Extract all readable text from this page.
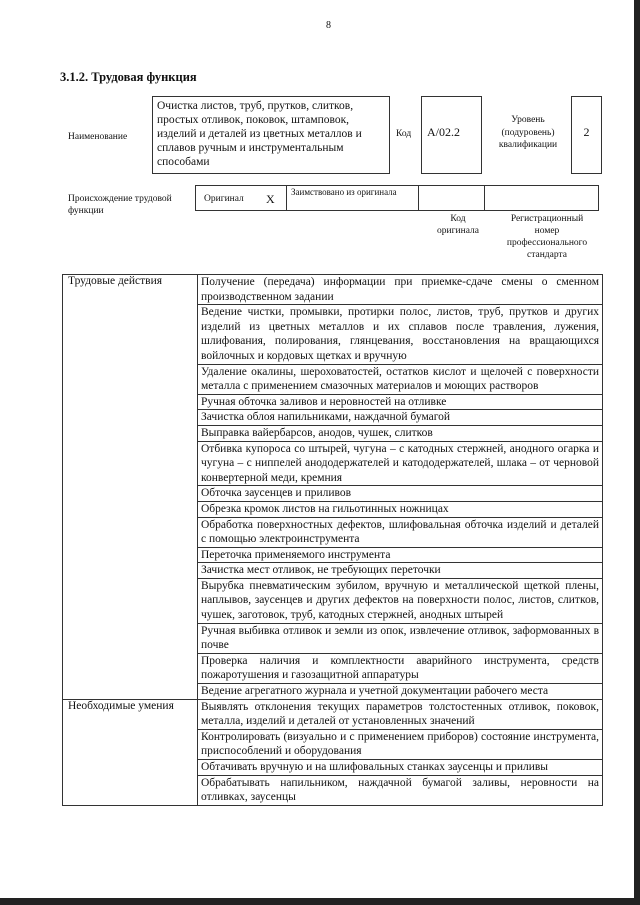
8
3.1.2. Трудовая функция
Наименование
Очистка листов, труб, прутков, слитков, простых отливок, поковок, штамповок, изделий и деталей из цветных металлов и сплавов ручным и инструментальным способами
Код	A/02.2
Уровень (подуровень) квалификации
2
Происхождение трудовой функции
Оригинал X	Заимствовано из оригинала
Код оригинала
Регистрационный номер профессионального стандарта
Трудовые действия	Получение (передача) информации при приемке-сдаче смены о сменном производственном задании
	Ведение чистки, промывки, протирки полос, листов, труб, прутков и других изделий из цветных металлов и их сплавов после травления, лужения, шлифования, полирования, глянцевания, восстановления на вращающихся войлочных и кордовых щетках и вручную
	Удаление окалины, шероховатостей, остатков кислот и щелочей с поверхности металла с применением смазочных материалов и моющих растворов
	Ручная обточка заливов и неровностей на отливке
	Зачистка облоя напильниками, наждачной бумагой
	Выправка вайербарсов, анодов, чушек, слитков
	Отбивка купороса со штырей, чугуна – с катодных стержней, анодного огарка и чугуна – с ниппелей анододержателей и катододержателей, шлака – от черновой конвертерной меди, кремния
	Обточка заусенцев и приливов
	Обрезка кромок листов на гильотинных ножницах
	Обработка поверхностных дефектов, шлифовальная обточка изделий и деталей с помощью электроинструмента
	Переточка применяемого инструмента
	Зачистка мест отливок, не требующих переточки
	Вырубка пневматическим зубилом, вручную и металлической щеткой плены, наплывов, заусенцев и других дефектов на поверхности полос, листов, слитков, чушек, заготовок, труб, катодных стержней, анодных штырей
	Ручная выбивка отливок и земли из опок, извлечение отливок, заформованных в почве
	Проверка наличия и комплектности аварийного инструмента, средств пожаротушения и газозащитной аппаратуры
	Ведение агрегатного журнала и учетной документации рабочего места
Необходимые умения	Выявлять отклонения текущих параметров толстостенных отливок, поковок, металла, изделий и деталей от установленных значений
	Контролировать (визуально и с применением приборов) состояние инструмента, приспособлений и оборудования
	Обтачивать вручную и на шлифовальных станках заусенцы и приливы
	Обрабатывать напильником, наждачной бумагой заливы, неровности на отливках, заусенцы
